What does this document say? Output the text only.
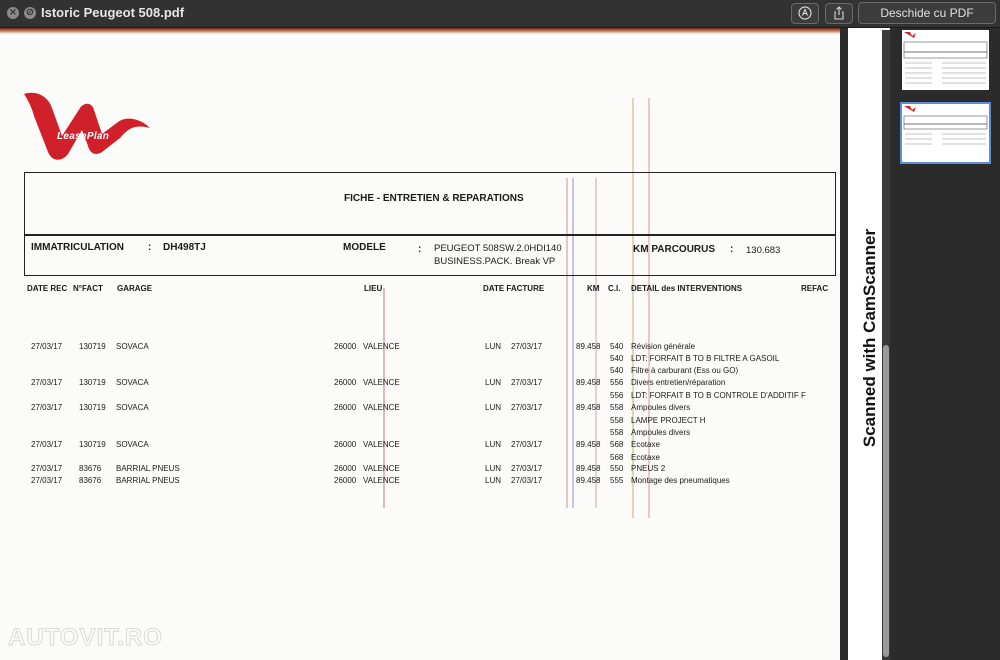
× ⊘ Istoric Peugeot 508.pdf	Deschide cu PDF
LeasePlan
FICHE - ENTRETIEN & REPARATIONS
IMMATRICULATION : DH498TJ	MODELE	: PEUGEOT 508SW.2.0HDI140
BUSINESS.PACK. Break VP
KM PARCOURUS : 130.683
DATE REC N°FACT GARAGE	LIEU	DATE FACTURE	KM C.I. DETAIL des INTERVENTIONS	REFAC
27/03/17 130719 SOVACA	26000 VALENCE	LUN 27/03/17	89.458 540 Révision générale
540 LDT: FORFAIT B TO B FILTRE A GASOIL
540 Filtre à carburant (Ess ou GO)
27/03/17 130719 SOVACA	26000 VALENCE	LUN 27/03/17	89.458 556 Divers entretien/réparation
556 LDT: FORFAIT B TO B CONTROLE D'ADDITIF F
27/03/17 130719 SOVACA	26000 VALENCE	LUN 27/03/17	89.458 558 Ampoules divers
558 LAMPE PROJECT H
558 Ampoules divers
27/03/17 130719 SOVACA	26000 VALENCE	LUN 27/03/17	89.458 568 Ecotaxe
568 Ecotaxe
27/03/17 83676 BARRIAL PNEUS	26000 VALENCE	LUN 27/03/17	89.458 550 PNEUS 2
27/03/17 83676 BARRIAL PNEUS	26000 VALENCE	LUN 27/03/17	89.458 555 Montage des pneumatiques
AUTOVIT.RO
Scanned with CamScanner
